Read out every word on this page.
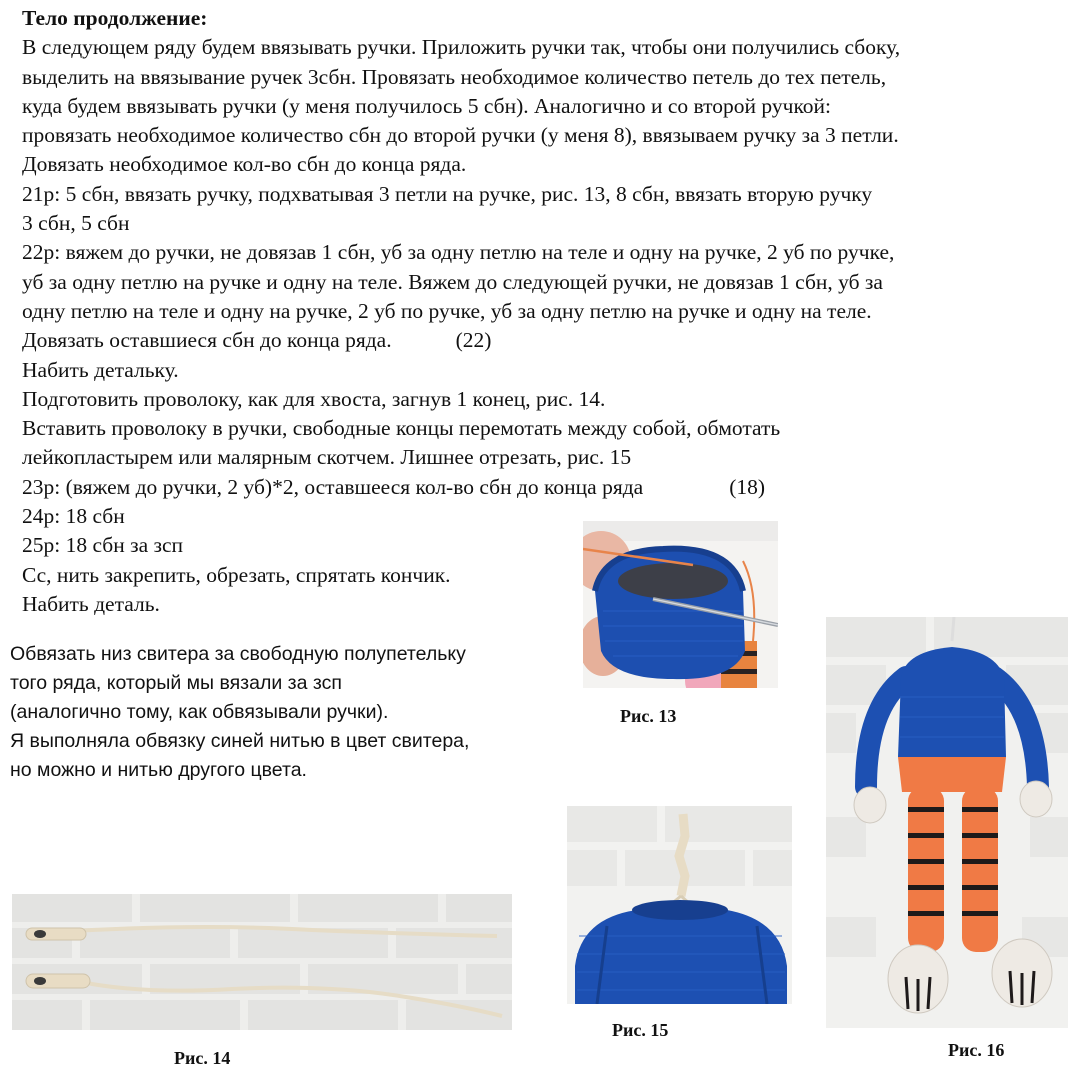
Тело продолжение:
В следующем ряду будем ввязывать ручки. Приложить ручки так, чтобы они получились сбоку,
выделить на ввязывание ручек 3сбн. Провязать необходимое количество петель до тех петель,
куда будем ввязывать ручки (у меня получилось 5 сбн). Аналогично и со второй ручкой:
провязать необходимое количество сбн до второй ручки (у меня 8), ввязываем ручку за 3 петли.
Довязать необходимое кол-во сбн до конца ряда.
21р: 5 сбн, ввязать ручку, подхватывая 3 петли на ручке, рис. 13, 8 сбн, ввязать вторую ручку
3 сбн, 5 сбн
22р: вяжем до ручки, не довязав 1 сбн, уб за одну петлю на теле и одну на ручке, 2 уб по ручке,
уб за одну петлю на ручке и одну на теле. Вяжем до следующей ручки, не довязав 1 сбн, уб за
одну петлю на теле и одну на ручке, 2 уб по ручке, уб за одну петлю на ручке и одну на теле.
Довязать оставшиеся сбн до конца ряда.	(22)
Набить детальку.
Подготовить проволоку, как для хвоста, загнув 1 конец, рис. 14.
Вставить проволоку в ручки, свободные концы перемотать между собой, обмотать
лейкопластырем или малярным скотчем. Лишнее отрезать, рис. 15
23р: (вяжем до ручки, 2 уб)*2, оставшееся кол-во сбн до конца ряда	(18)
24р: 18 сбн
25р: 18 сбн за зсп
Сс, нить закрепить, обрезать, спрятать кончик.
Набить деталь.
Обвязать низ свитера за свободную полупетельку
того ряда, который мы вязали за зсп
(аналогично тому, как обвязывали ручки).
Я выполняла обвязку синей нитью в цвет свитера,
но можно и нитью другого цвета.
Рис. 13
Рис. 14
Рис. 15
Рис. 16
